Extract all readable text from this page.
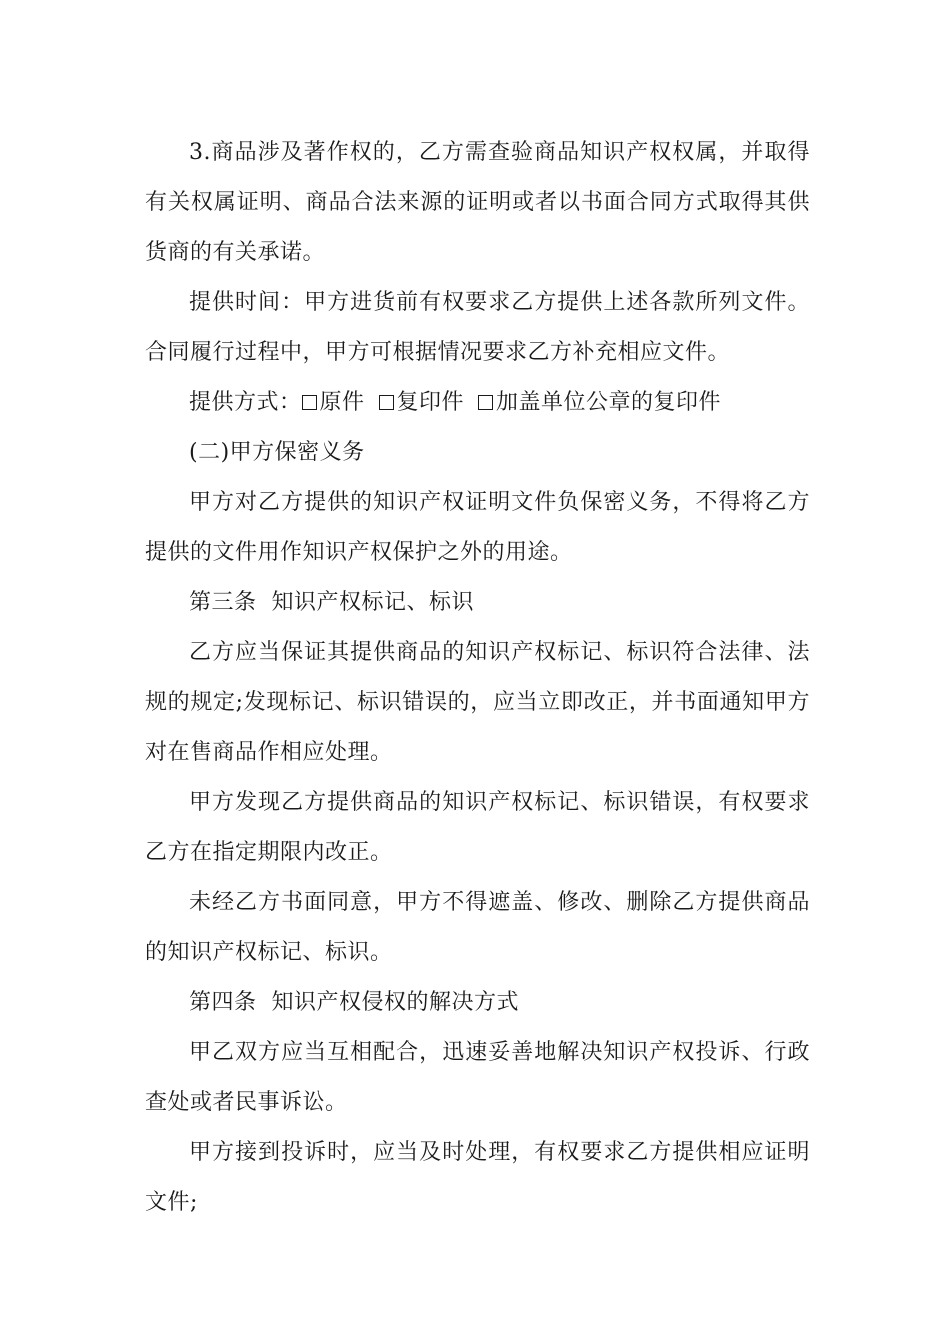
3.商品涉及著作权的，乙方需查验商品知识产权权属，并取得有关权属证明、商品合法来源的证明或者以书面合同方式取得其供货商的有关承诺。

提供时间：甲方进货前有权要求乙方提供上述各款所列文件。合同履行过程中，甲方可根据情况要求乙方补充相应文件。

提供方式： 原件 复印件 加盖单位公章的复印件

(二)甲方保密义务

甲方对乙方提供的知识产权证明文件负保密义务，不得将乙方提供的文件用作知识产权保护之外的用途。

第三条  知识产权标记、标识

乙方应当保证其提供商品的知识产权标记、标识符合法律、法规的规定;发现标记、标识错误的，应当立即改正，并书面通知甲方对在售商品作相应处理。

甲方发现乙方提供商品的知识产权标记、标识错误，有权要求乙方在指定期限内改正。

未经乙方书面同意，甲方不得遮盖、修改、删除乙方提供商品的知识产权标记、标识。

第四条  知识产权侵权的解决方式

甲乙双方应当互相配合，迅速妥善地解决知识产权投诉、行政查处或者民事诉讼。

甲方接到投诉时，应当及时处理，有权要求乙方提供相应证明文件;
